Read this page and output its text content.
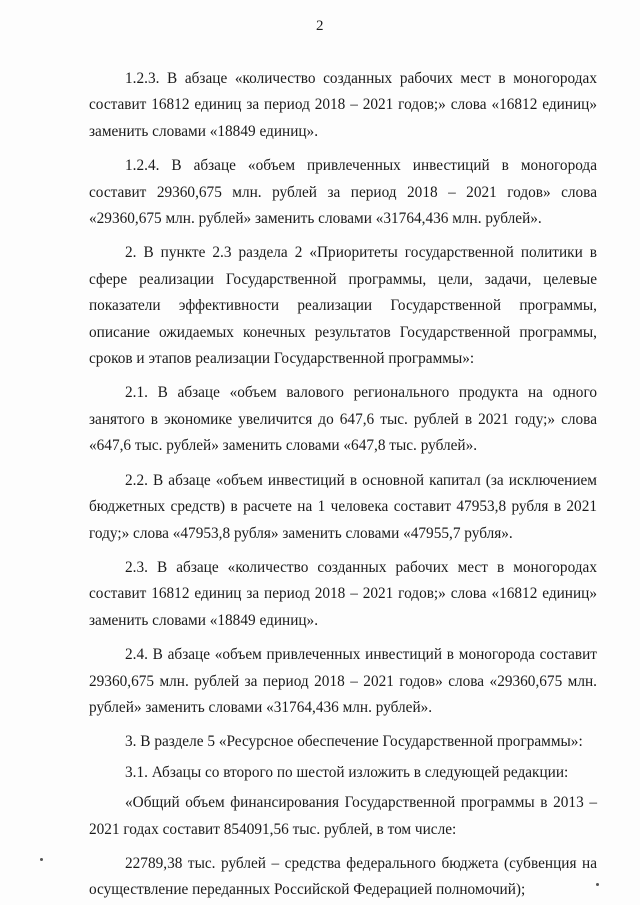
2

1.2.3. В абзаце «количество созданных рабочих мест в моногородах составит 16812 единиц за период 2018 – 2021 годов;» слова «16812 единиц» заменить словами «18849 единиц».

1.2.4. В абзаце «объем привлеченных инвестиций в моногорода составит 29360,675 млн. рублей за период 2018 – 2021 годов» слова «29360,675 млн. рублей» заменить словами «31764,436 млн. рублей».

2. В пункте 2.3 раздела 2 «Приоритеты государственной политики в сфере реализации Государственной программы, цели, задачи, целевые показатели эффективности реализации Государственной программы, описание ожидаемых конечных результатов Государственной программы, сроков и этапов реализации Государственной программы»:

2.1. В абзаце «объем валового регионального продукта на одного занятого в экономике увеличится до 647,6 тыс. рублей в 2021 году;» слова «647,6 тыс. рублей» заменить словами «647,8 тыс. рублей».

2.2. В абзаце «объем инвестиций в основной капитал (за исключением бюджетных средств) в расчете на 1 человека составит 47953,8 рубля в 2021 году;» слова «47953,8 рубля» заменить словами «47955,7 рубля».

2.3. В абзаце «количество созданных рабочих мест в моногородах составит 16812 единиц за период 2018 – 2021 годов;» слова «16812 единиц» заменить словами «18849 единиц».

2.4. В абзаце «объем привлеченных инвестиций в моногорода составит 29360,675 млн. рублей за период 2018 – 2021 годов» слова «29360,675 млн. рублей» заменить словами «31764,436 млн. рублей».

3. В разделе 5 «Ресурсное обеспечение Государственной программы»:

3.1. Абзацы со второго по шестой изложить в следующей редакции:

«Общий объем финансирования Государственной программы в 2013 – 2021 годах составит 854091,56 тыс. рублей, в том числе:

22789,38 тыс. рублей – средства федерального бюджета (субвенция на осуществление переданных Российской Федерацией полномочий);
